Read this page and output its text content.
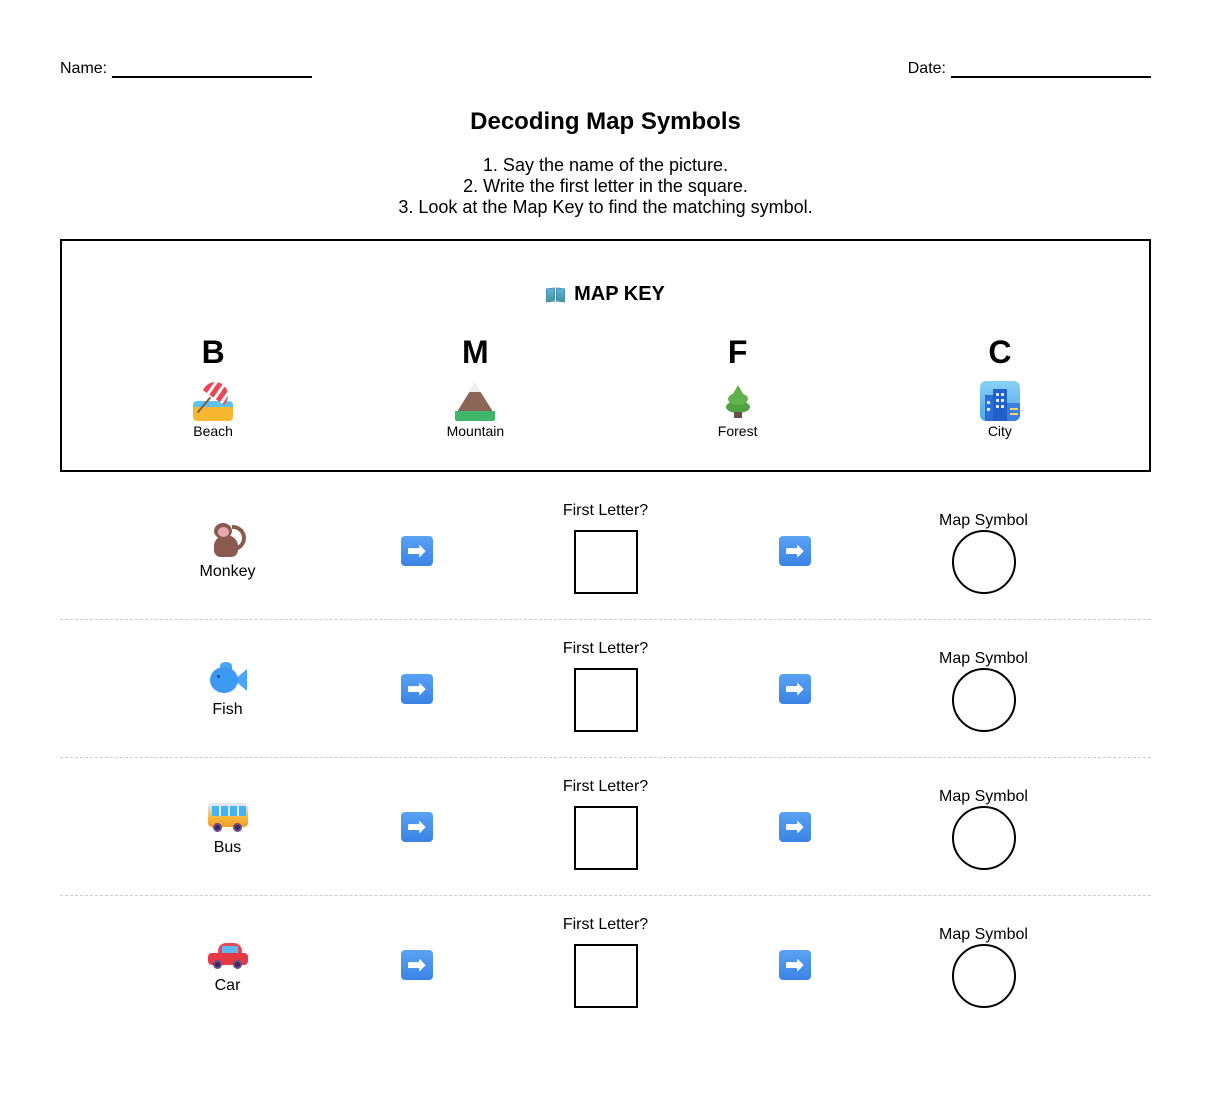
Name:	Date:
Decoding Map Symbols
1. Say the name of the picture.
2. Write the first letter in the square.
3. Look at the Map Key to find the matching symbol.
MAP KEY
B
Beach
M
Mountain
F
Forest
C
City
Monkey
➡
First Letter?
➡
Map Symbol
Fish
➡
First Letter?
➡
Map Symbol
Bus
➡
First Letter?
➡
Map Symbol
Car
➡
First Letter?
➡
Map Symbol
